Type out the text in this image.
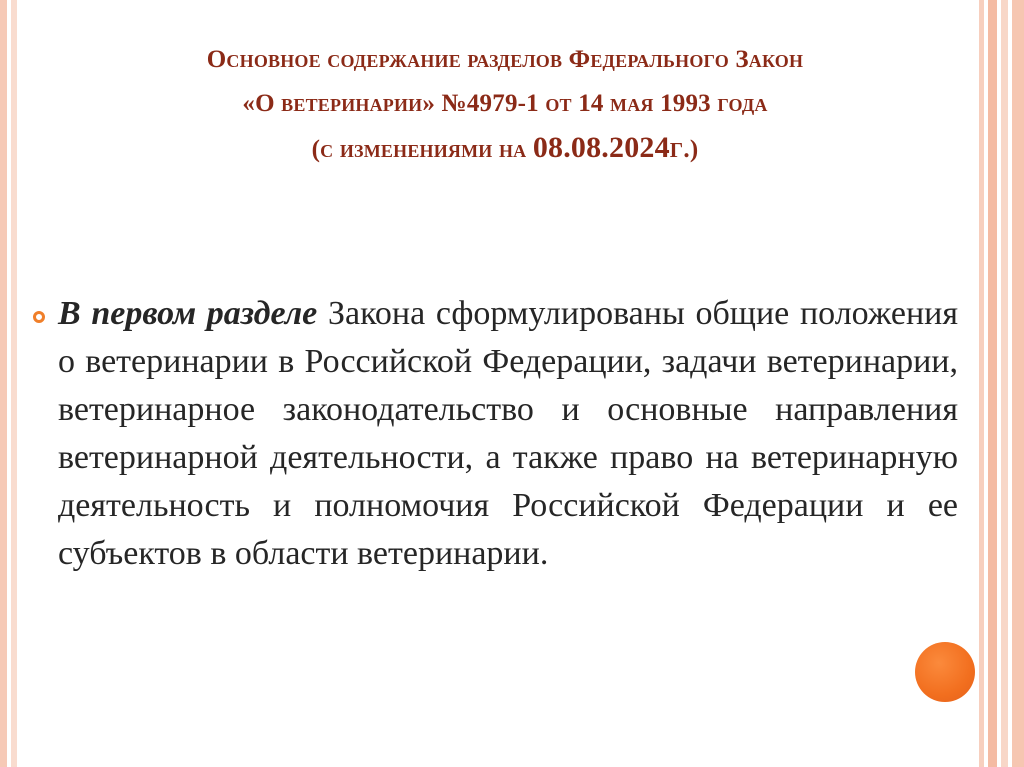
Основное содержание разделов Федерального Закон
«О ветеринарии» №4979-1 от 14 мая 1993 года
(с изменениями на 08.08.2024г.)
В первом разделе Закона сформулированы общие положения о ветеринарии в Российской Федерации, задачи ветеринарии, ветеринарное законодательство и основные направления ветеринарной деятельности, а также право на ветеринарную деятельность и полномочия Российской Федерации и ее субъектов в области ветеринарии.
